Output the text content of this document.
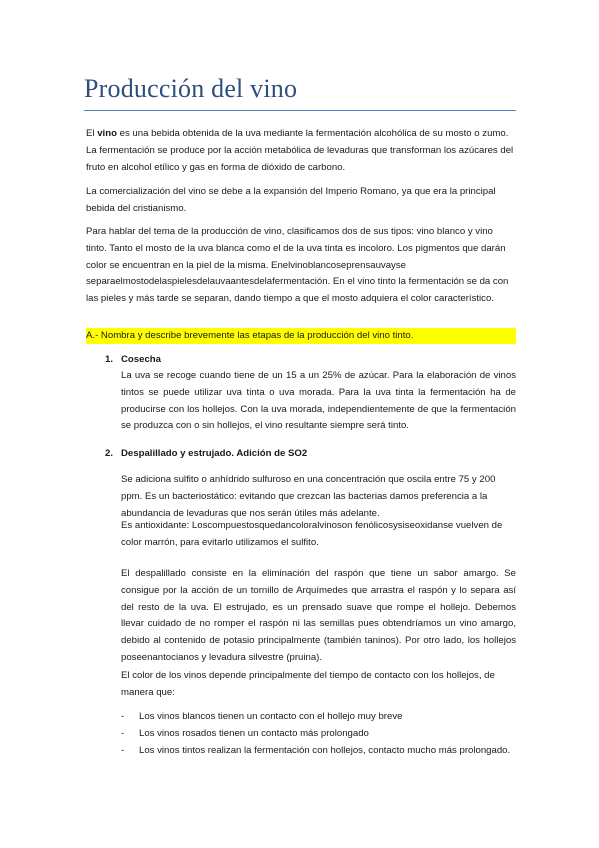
Producción del vino

El vino es una bebida obtenida de la uva mediante la fermentación alcohólica de su mosto o zumo. La fermentación se produce por la acción metabólica de levaduras que transforman los azúcares del fruto en alcohol etílico y gas en forma de dióxido de carbono.

La comercialización del vino se debe a la expansión del Imperio Romano, ya que era la principal bebida del cristianismo.

Para hablar del tema de la producción de vino, clasificamos dos de sus tipos: vino blanco y vino tinto. Tanto el mosto de la uva blanca como el de la uva tinta es incoloro. Los pigmentos que darán color se encuentran en la piel de la misma. Enelvinoblancoseprensauvayse separaelmostodelaspielesdelauvaantesdelafermentación. En el vino tinto la fermentación se da con las pieles y más tarde se separan, dando tiempo a que el mosto adquiera el color característico.

A.- Nombra y describe brevemente las etapas de la producción del vino tinto.
1. Cosecha

La uva se recoge cuando tiene de un 15 a un 25% de azúcar. Para la elaboración de vinos tintos se puede utilizar uva tinta o uva morada. Para la uva tinta la fermentación ha de producirse con los hollejos. Con la uva morada, independientemente de que la fermentación se produzca con o sin hollejos, el vino resultante siempre será tinto.

2. Despalillado y estrujado. Adición de SO2

Se adiciona sulfito o anhídrido sulfuroso en una concentración que oscila entre 75 y 200 ppm. Es un bacteriostático: evitando que crezcan las bacterias damos preferencia a la abundancia de levaduras que nos serán útiles más adelante.

Es antioxidante: Loscompuestosquedancoloralvinoson fenólicosysiseoxidanse vuelven de color marrón, para evitarlo utilizamos el sulfito.

El despalillado consiste en la eliminación del raspón que tiene un sabor amargo. Se consigue por la acción de un tornillo de Arquímedes que arrastra el raspón y lo separa así del resto de la uva. El estrujado, es un prensado suave que rompe el hollejo. Debemos llevar cuidado de no romper el raspón ni las semillas pues obtendríamos un vino amargo, debido al contenido de potasio principalmente (también taninos). Por otro lado, los hollejos poseenantocianos y levadura silvestre (pruina).

El color de los vinos depende principalmente del tiempo de contacto con los hollejos, de manera que:

- Los vinos blancos tienen un contacto con el hollejo muy breve
- Los vinos rosados tienen un contacto más prolongado
- Los vinos tintos realizan la fermentación con hollejos, contacto mucho más prolongado.
